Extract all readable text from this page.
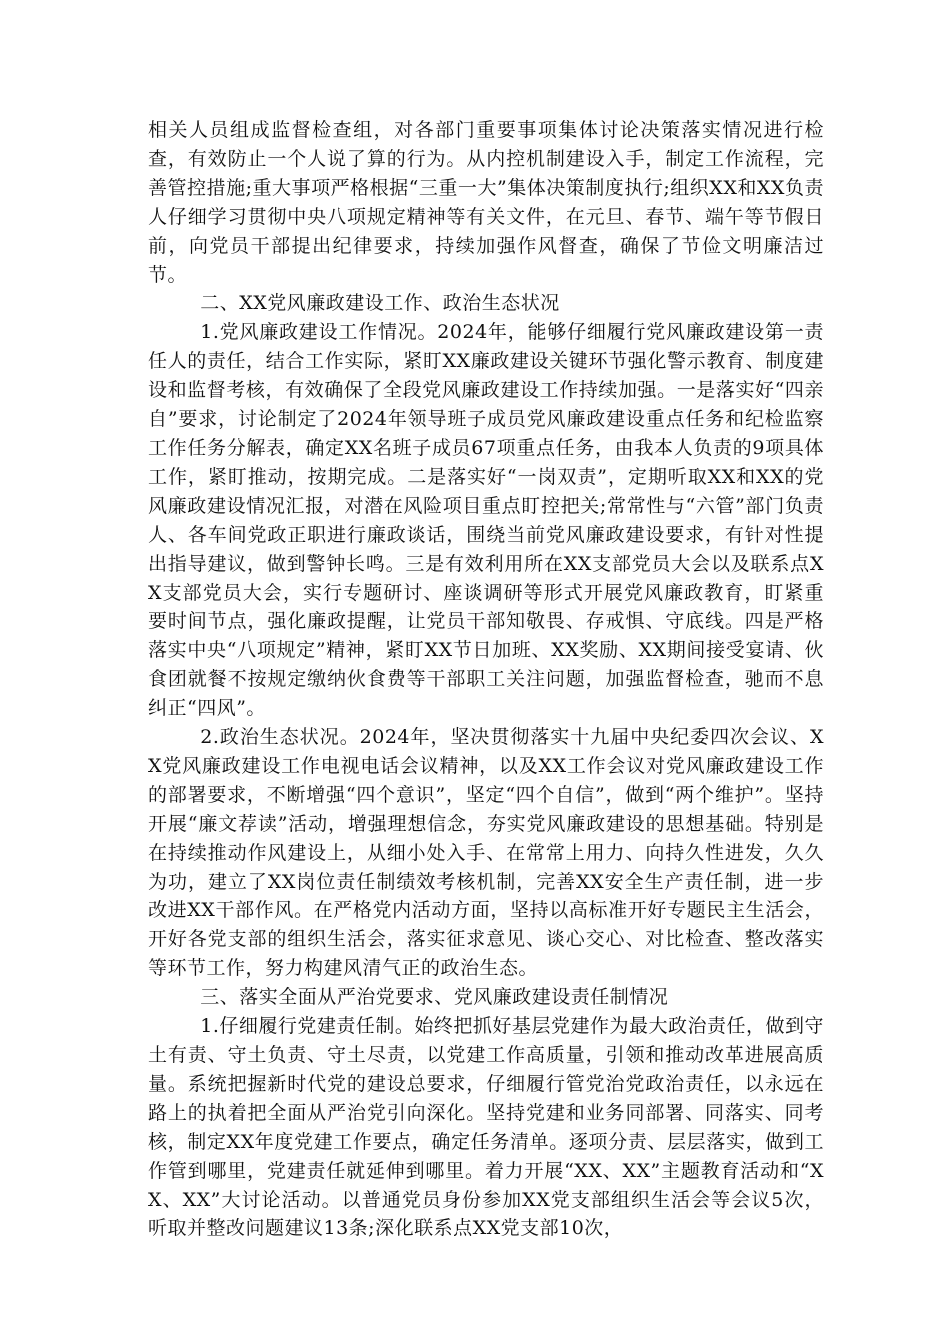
相关人员组成监督检查组，对各部门重要事项集体讨论决策落实情况进行检查，有效防止一个人说了算的行为。从内控机制建设入手，制定工作流程，完善管控措施;重大事项严格根据“三重一大”集体决策制度执行;组织XX和XX负责人仔细学习贯彻中央八项规定精神等有关文件，在元旦、春节、端午等节假日前，向党员干部提出纪律要求，持续加强作风督查，确保了节俭文明廉洁过节。

二、XX党风廉政建设工作、政治生态状况

1.党风廉政建设工作情况。2024年，能够仔细履行党风廉政建设第一责任人的责任，结合工作实际，紧盯XX廉政建设关键环节强化警示教育、制度建设和监督考核，有效确保了全段党风廉政建设工作持续加强。一是落实好“四亲自”要求，讨论制定了2024年领导班子成员党风廉政建设重点任务和纪检监察工作任务分解表，确定XX名班子成员67项重点任务，由我本人负责的9项具体工作，紧盯推动，按期完成。二是落实好“一岗双责”，定期听取XX和XX的党风廉政建设情况汇报，对潜在风险项目重点盯控把关;常常性与“六管”部门负责人、各车间党政正职进行廉政谈话，围绕当前党风廉政建设要求，有针对性提出指导建议，做到警钟长鸣。三是有效利用所在XX支部党员大会以及联系点XX支部党员大会，实行专题研讨、座谈调研等形式开展党风廉政教育，盯紧重要时间节点，强化廉政提醒，让党员干部知敬畏、存戒惧、守底线。四是严格落实中央“八项规定”精神，紧盯XX节日加班、XX奖励、XX期间接受宴请、伙食团就餐不按规定缴纳伙食费等干部职工关注问题，加强监督检查，驰而不息纠正“四风”。

2.政治生态状况。2024年，坚决贯彻落实十九届中央纪委四次会议、XX党风廉政建设工作电视电话会议精神，以及XX工作会议对党风廉政建设工作的部署要求，不断增强“四个意识”，坚定“四个自信”，做到“两个维护”。坚持开展“廉文荐读”活动，增强理想信念，夯实党风廉政建设的思想基础。特别是在持续推动作风建设上，从细小处入手、在常常上用力、向持久性进发，久久为功，建立了XX岗位责任制绩效考核机制，完善XX安全生产责任制，进一步改进XX干部作风。在严格党内活动方面，坚持以高标准开好专题民主生活会，开好各党支部的组织生活会，落实征求意见、谈心交心、对比检查、整改落实等环节工作，努力构建风清气正的政治生态。

三、落实全面从严治党要求、党风廉政建设责任制情况

1.仔细履行党建责任制。始终把抓好基层党建作为最大政治责任，做到守土有责、守土负责、守土尽责，以党建工作高质量，引领和推动改革进展高质量。系统把握新时代党的建设总要求，仔细履行管党治党政治责任，以永远在路上的执着把全面从严治党引向深化。坚持党建和业务同部署、同落实、同考核，制定XX年度党建工作要点，确定任务清单。逐项分责、层层落实，做到工作管到哪里，党建责任就延伸到哪里。着力开展“XX、XX”主题教育活动和“XX、XX”大讨论活动。以普通党员身份参加XX党支部组织生活会等会议5次，听取并整改问题建议13条;深化联系点XX党支部10次，
